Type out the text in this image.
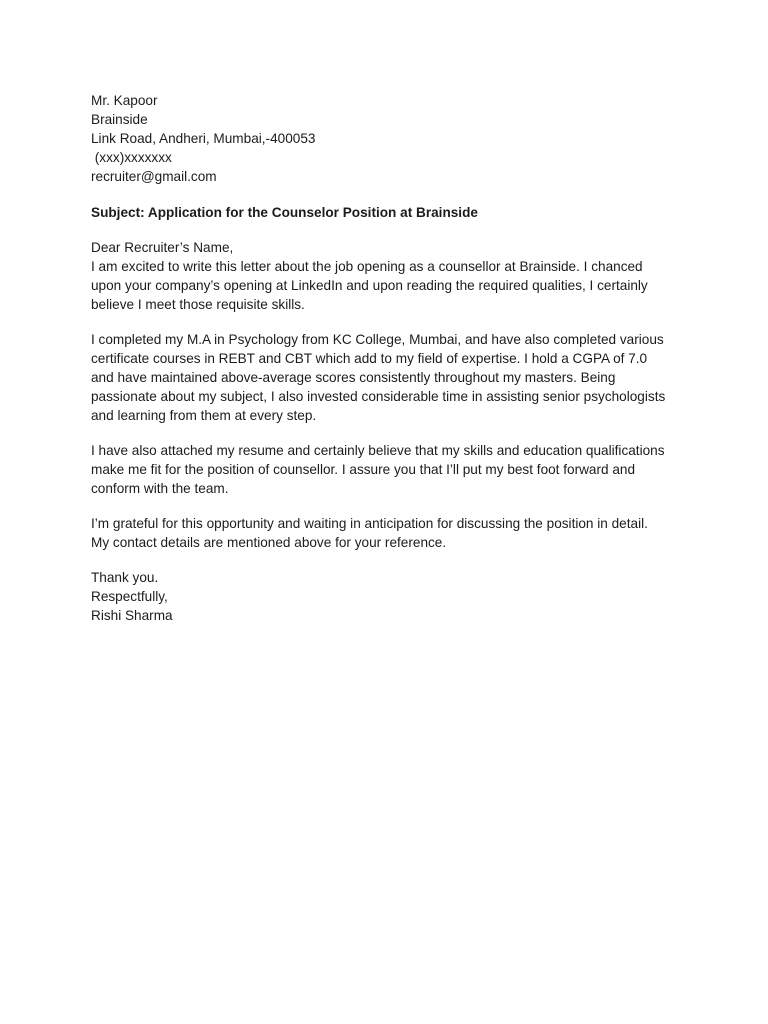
Mr. Kapoor
Brainside
Link Road, Andheri, Mumbai,-400053
(xxx)xxxxxxx
recruiter@gmail.com
Subject: Application for the Counselor Position at Brainside
Dear Recruiter’s Name,
I am excited to write this letter about the job opening as a counsellor at Brainside. I chanced
upon your company’s opening at LinkedIn and upon reading the required qualities, I certainly
believe I meet those requisite skills.
I completed my M.A in Psychology from KC College, Mumbai, and have also completed various
certificate courses in REBT and CBT which add to my field of expertise. I hold a CGPA of 7.0
and have maintained above-average scores consistently throughout my masters. Being
passionate about my subject, I also invested considerable time in assisting senior psychologists
and learning from them at every step.
I have also attached my resume and certainly believe that my skills and education qualifications
make me fit for the position of counsellor. I assure you that I’ll put my best foot forward and
conform with the team.
I’m grateful for this opportunity and waiting in anticipation for discussing the position in detail.
My contact details are mentioned above for your reference.
Thank you.
Respectfully,
Rishi Sharma
